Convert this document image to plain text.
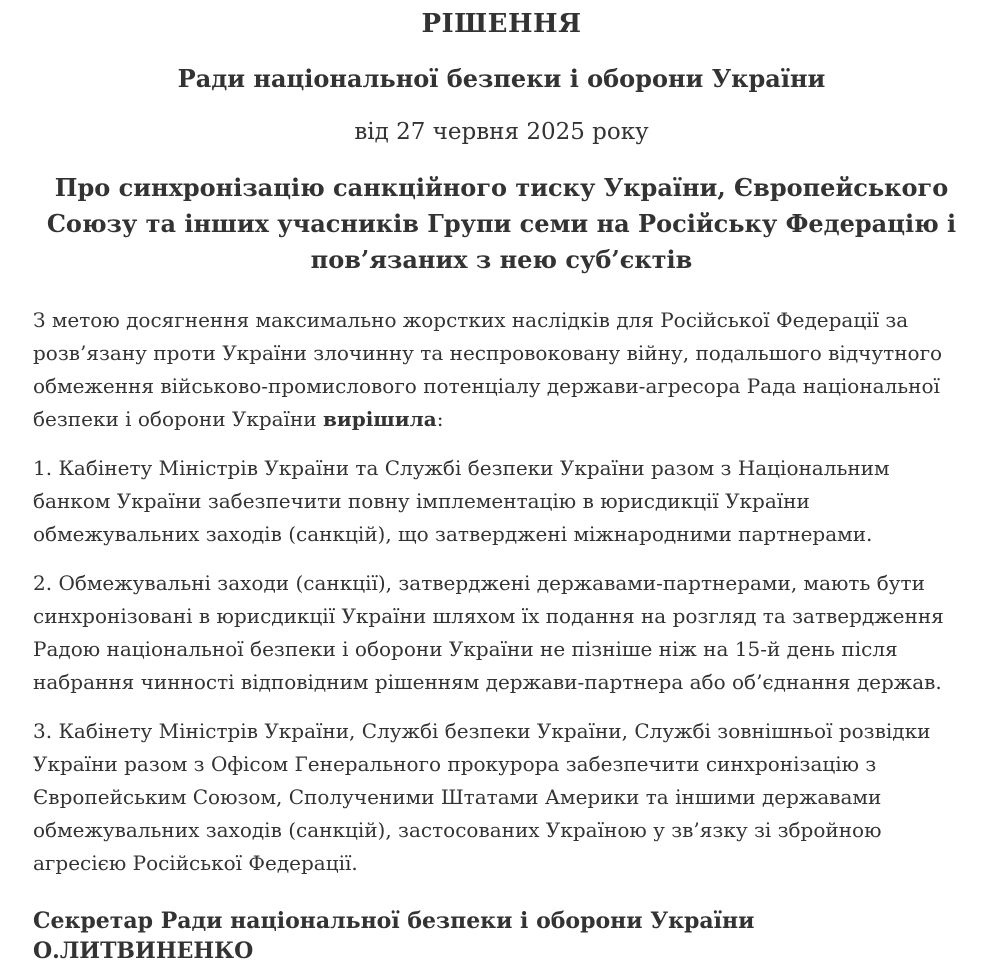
РІШЕННЯ
Ради національної безпеки і оборони України
від 27 червня 2025 року
Про синхронізацію санкційного тиску України, Європейського Союзу та інших учасників Групи семи на Російську Федерацію і пов’язаних з нею суб’єктів

З метою досягнення максимально жорстких наслідків для Російської Федерації за розв’язану проти України злочинну та неспровоковану війну, подальшого відчутного обмеження військово-промислового потенціалу держави-агресора Рада національної безпеки і оборони України вирішила:

1. Кабінету Міністрів України та Службі безпеки України разом з Національним банком України забезпечити повну імплементацію в юрисдикції України обмежувальних заходів (санкцій), що затверджені міжнародними партнерами.

2. Обмежувальні заходи (санкції), затверджені державами-партнерами, мають бути синхронізовані в юрисдикції України шляхом їх подання на розгляд та затвердження Радою національної безпеки і оборони України не пізніше ніж на 15-й день після набрання чинності відповідним рішенням держави-партнера або об’єднання держав.

3. Кабінету Міністрів України, Службі безпеки України, Службі зовнішньої розвідки України разом з Офісом Генерального прокурора забезпечити синхронізацію з Європейським Союзом, Сполученими Штатами Америки та іншими державами обмежувальних заходів (санкцій), застосованих Україною у зв’язку зі збройною агресією Російської Федерації.

Секретар Ради національної безпеки і оборони України О.ЛИТВИНЕНКО
